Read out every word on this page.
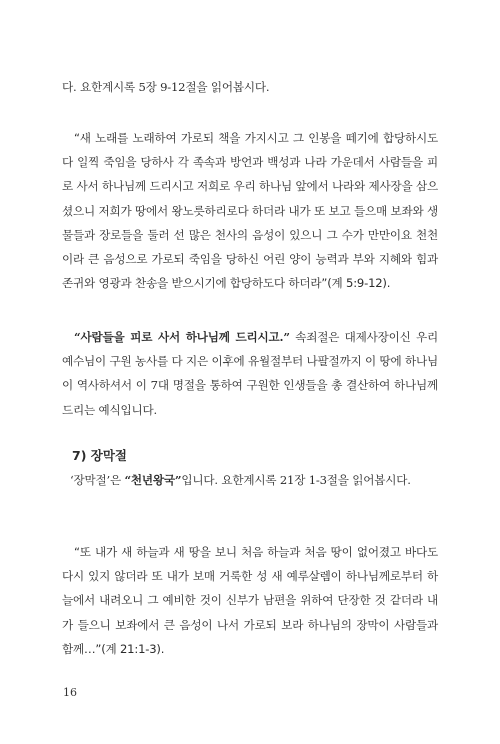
다. 요한계시록 5장 9-12절을 읽어봅시다.

“새 노래를 노래하여 가로되 책을 가지시고 그 인봉을 떼기에 합당하시도다 일찍 죽임을 당하사 각 족속과 방언과 백성과 나라 가운데서 사람들을 피로 사서 하나님께 드리시고 저희로 우리 하나님 앞에서 나라와 제사장을 삼으셨으니 저희가 땅에서 왕노릇하리로다 하더라 내가 또 보고 들으매 보좌와 생물들과 장로들을 둘러 선 많은 천사의 음성이 있으니 그 수가 만만이요 천천이라 큰 음성으로 가로되 죽임을 당하신 어린 양이 능력과 부와 지혜와 힘과 존귀와 영광과 찬송을 받으시기에 합당하도다 하더라”(계 5:9-12).

“사람들을 피로 사서 하나님께 드리시고.” 속죄절은 대제사장이신 우리 예수님이 구원 농사를 다 지은 이후에 유월절부터 나팔절까지 이 땅에 하나님이 역사하셔서 이 7대 명절을 통하여 구원한 인생들을 총 결산하여 하나님께 드리는 예식입니다.

7) 장막절

‘장막절’은 “천년왕국”입니다. 요한계시록 21장 1-3절을 읽어봅시다.

“또 내가 새 하늘과 새 땅을 보니 처음 하늘과 처음 땅이 없어졌고 바다도 다시 있지 않더라 또 내가 보매 거룩한 성 새 예루살렘이 하나님께로부터 하늘에서 내려오니 그 예비한 것이 신부가 남편을 위하여 단장한 것 같더라 내가 들으니 보좌에서 큰 음성이 나서 가로되 보라 하나님의 장막이 사람들과 함께…”(계 21:1-3).

16
